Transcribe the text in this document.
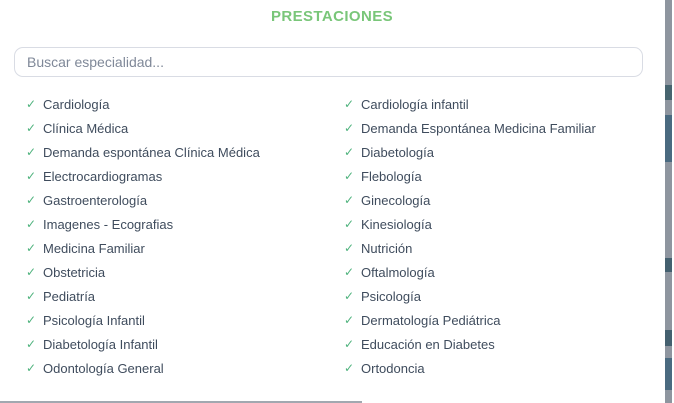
PRESTACIONES
Buscar especialidad...
✓ Cardiología
✓ Clínica Médica
✓ Demanda espontánea Clínica Médica
✓ Electrocardiogramas
✓ Gastroenterología
✓ Imagenes - Ecografias
✓ Medicina Familiar
✓ Obstetricia
✓ Pediatría
✓ Psicología Infantil
✓ Diabetología Infantil
✓ Odontología General
✓ Cardiología infantil
✓ Demanda Espontánea Medicina Familiar
✓ Diabetología
✓ Flebología
✓ Ginecología
✓ Kinesiología
✓ Nutrición
✓ Oftalmología
✓ Psicología
✓ Dermatología Pediátrica
✓ Educación en Diabetes
✓ Ortodoncia
